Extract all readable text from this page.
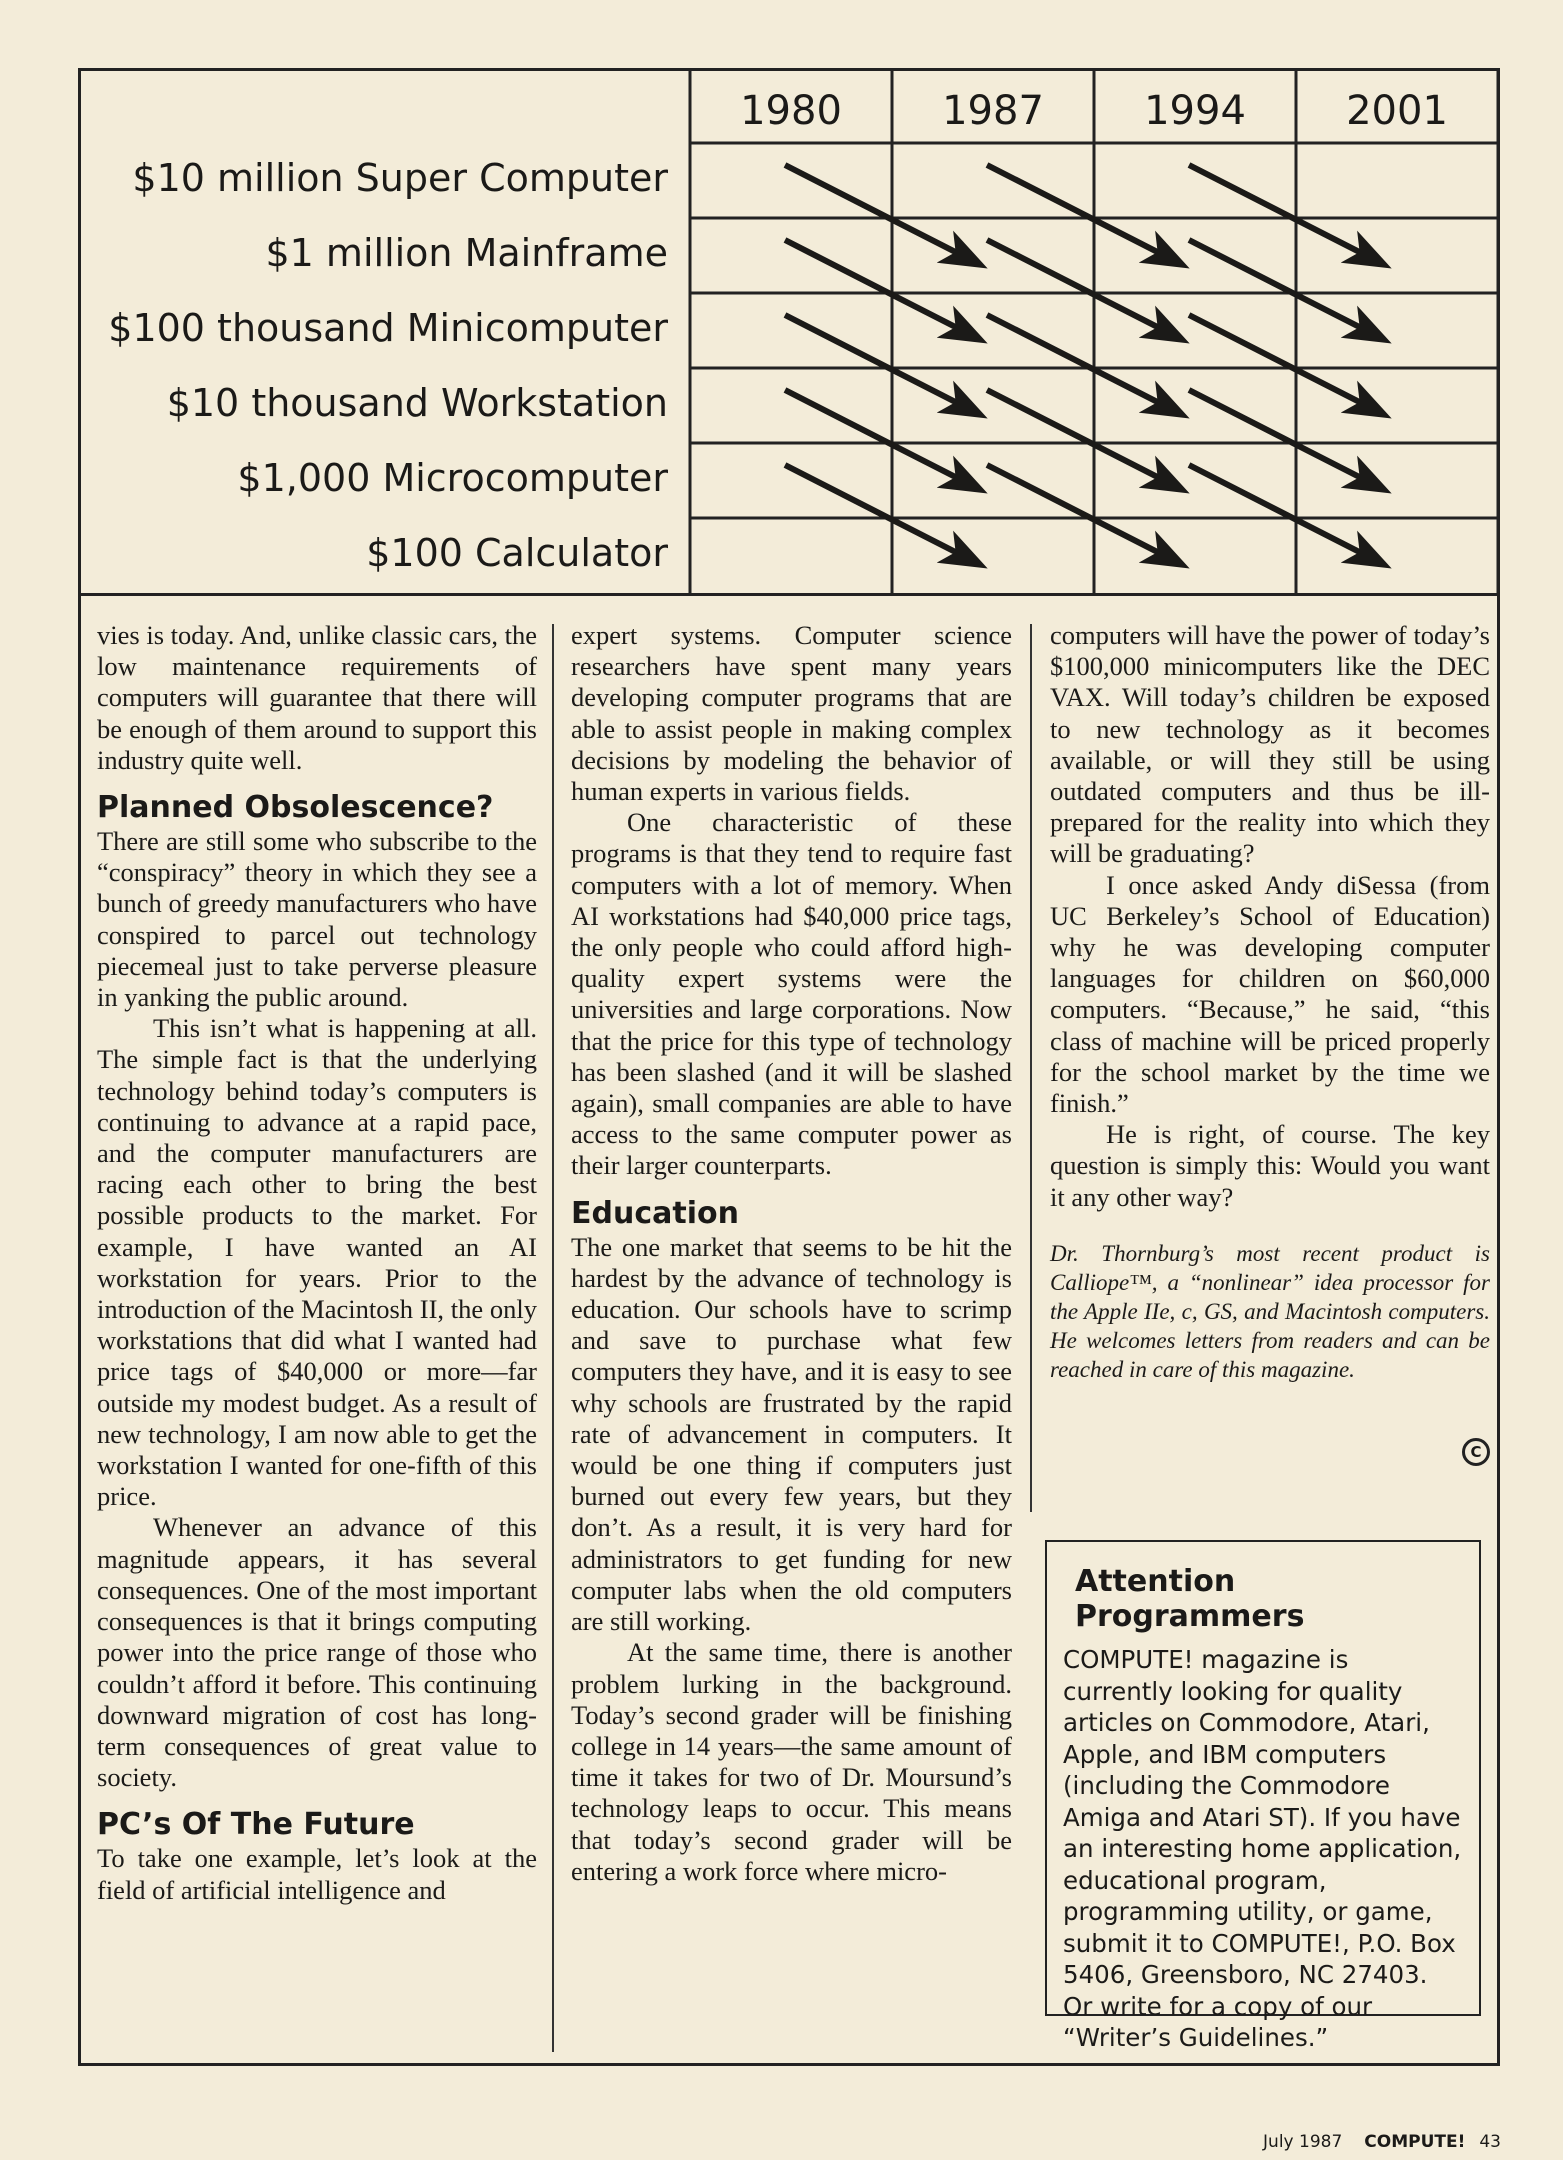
1980	1987	1994	2001
$10 million Super Computer
$1 million Mainframe
$100 thousand Minicomputer
$10 thousand Workstation
$1,000 Microcomputer
$100 Calculator

vies is today. And, unlike classic cars, the low maintenance requirements of computers will guarantee that there will be enough of them around to support this industry quite well.

Planned Obsolescence?

There are still some who subscribe to the “conspiracy” theory in which they see a bunch of greedy manufacturers who have conspired to parcel out technology piecemeal just to take perverse pleasure in yanking the public around.

This isn’t what is happening at all. The simple fact is that the underlying technology behind today’s computers is continuing to advance at a rapid pace, and the computer manufacturers are racing each other to bring the best possible products to the market. For example, I have wanted an AI workstation for years. Prior to the introduction of the Macintosh II, the only workstations that did what I wanted had price tags of $40,000 or more—far outside my modest budget. As a result of new technology, I am now able to get the workstation I wanted for one-fifth of this price.

Whenever an advance of this magnitude appears, it has several consequences. One of the most important consequences is that it brings computing power into the price range of those who couldn’t afford it before. This continuing downward migration of cost has long-term consequences of great value to society.

PC’s Of The Future

To take one example, let’s look at the field of artificial intelligence and

expert systems. Computer science researchers have spent many years developing computer programs that are able to assist people in making complex decisions by modeling the behavior of human experts in various fields.

One characteristic of these programs is that they tend to require fast computers with a lot of memory. When AI workstations had $40,000 price tags, the only people who could afford high-quality expert systems were the universities and large corporations. Now that the price for this type of technology has been slashed (and it will be slashed again), small companies are able to have access to the same computer power as their larger counterparts.

Education

The one market that seems to be hit the hardest by the advance of technology is education. Our schools have to scrimp and save to purchase what few computers they have, and it is easy to see why schools are frustrated by the rapid rate of advancement in computers. It would be one thing if computers just burned out every few years, but they don’t. As a result, it is very hard for administrators to get funding for new computer labs when the old computers are still working.

At the same time, there is another problem lurking in the background. Today’s second grader will be finishing college in 14 years—the same amount of time it takes for two of Dr. Moursund’s technology leaps to occur. This means that today’s second grader will be entering a work force where micro-

computers will have the power of today’s $100,000 minicomputers like the DEC VAX. Will today’s children be exposed to new technology as it becomes available, or will they still be using outdated computers and thus be ill-prepared for the reality into which they will be graduating?

I once asked Andy diSessa (from UC Berkeley’s School of Education) why he was developing computer languages for children on $60,000 computers. “Because,” he said, “this class of machine will be priced properly for the school market by the time we finish.”

He is right, of course. The key question is simply this: Would you want it any other way?

Dr. Thornburg’s most recent product is Calliope™, a “nonlinear” idea processor for the Apple IIe, c, GS, and Macintosh computers. He welcomes letters from readers and can be reached in care of this magazine.

C
Attention Programmers

COMPUTE! magazine is currently looking for quality articles on Commodore, Atari, Apple, and IBM computers (including the Commodore Amiga and Atari ST). If you have an interesting home application, educational program, programming utility, or game, submit it to COMPUTE!, P.O. Box 5406, Greensboro, NC 27403. Or write for a copy of our “Writer’s Guidelines.”

July 1987 COMPUTE! 43
